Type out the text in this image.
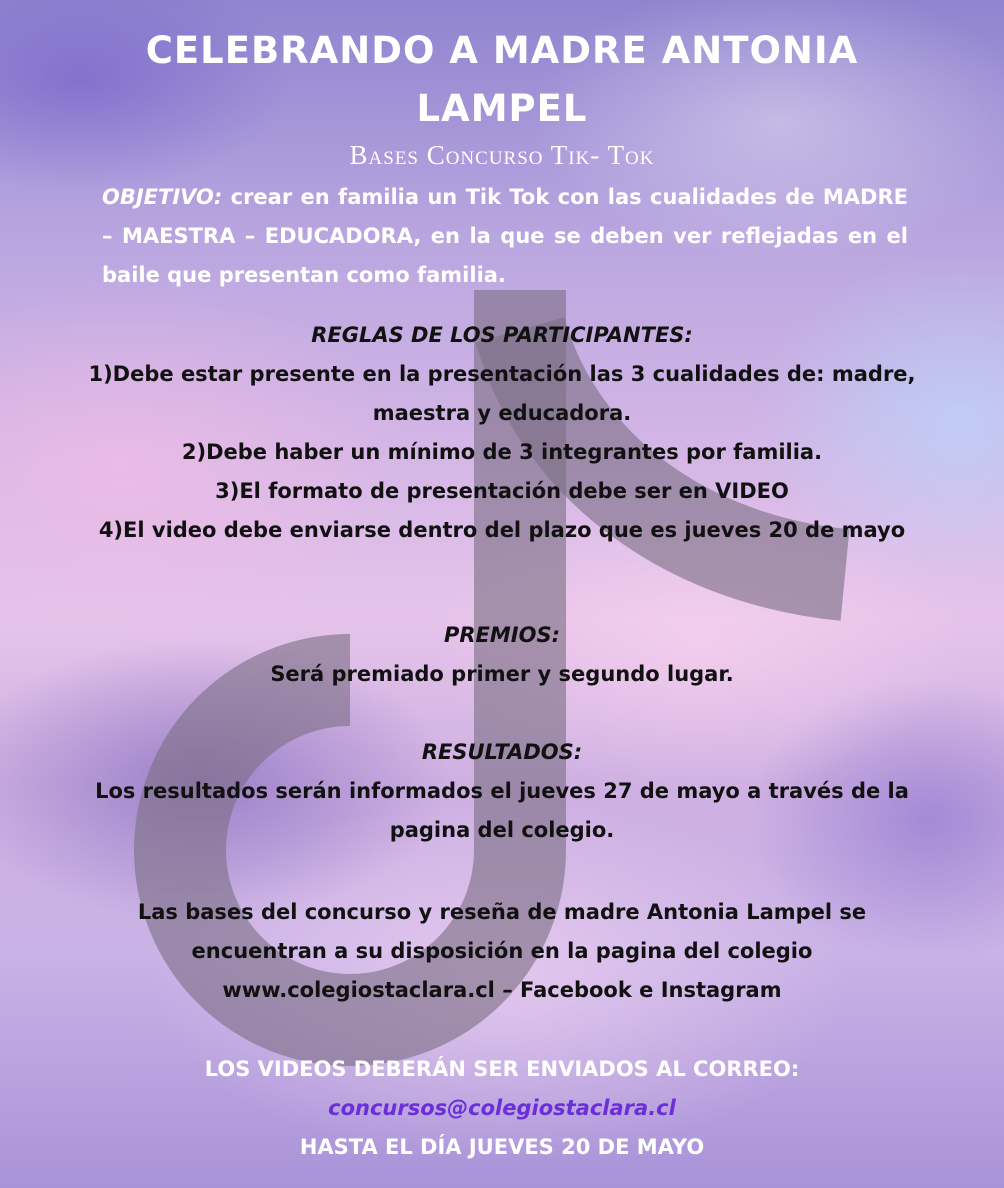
CELEBRANDO A MADRE ANTONIA LAMPEL
Bases Concurso Tik- Tok
OBJETIVO: crear en familia un Tik Tok con las cualidades de MADRE – MAESTRA – EDUCADORA, en la que se deben ver reflejadas en el baile que presentan como familia.
REGLAS DE LOS PARTICIPANTES:
1)Debe estar presente en la presentación las 3 cualidades de: madre, maestra y educadora.
2)Debe haber un mínimo de 3 integrantes por familia.
3)El formato de presentación debe ser en VIDEO
4)El video debe enviarse dentro del plazo que es jueves 20 de mayo
PREMIOS:
Será premiado primer y segundo lugar.
RESULTADOS:
Los resultados serán informados el jueves 27 de mayo a través de la pagina del colegio.
Las bases del concurso y reseña de madre Antonia Lampel se encuentran a su disposición en la pagina del colegio www.colegiostaclara.cl – Facebook e Instagram
LOS VIDEOS DEBERÁN SER ENVIADOS AL CORREO:
concursos@colegiostaclara.cl
HASTA EL DÍA JUEVES 20 DE MAYO
